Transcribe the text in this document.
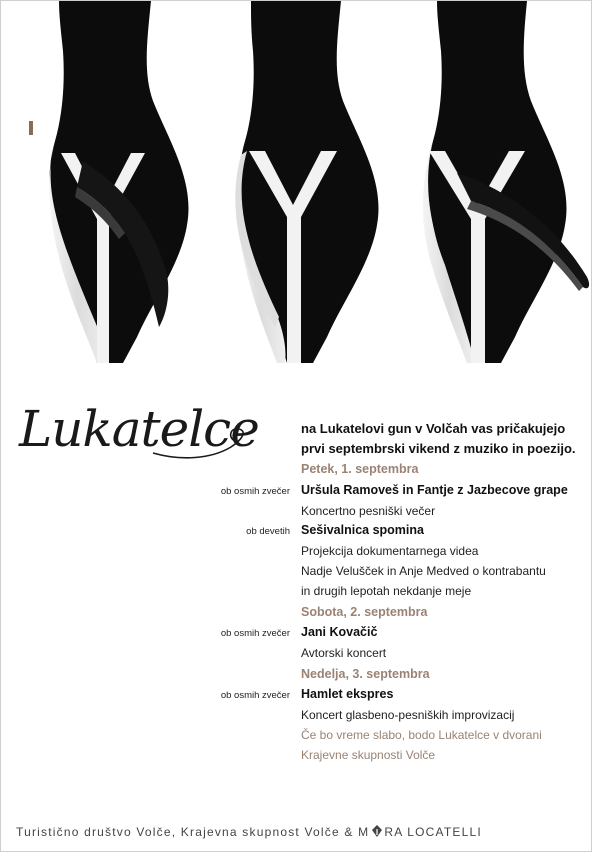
Lukatelce	na Lukatelovi gun v Volčah vas pričakujejo
prvi septembrski vikend z muziko in poezijo.
Petek, 1. septembra
ob osmih zvečer Uršula Ramoveš in Fantje z Jazbecove grape
Koncertno pesniški večer
ob devetih Sešivalnica spomina
Projekcija dokumentarnega videa
Nadje Velušček in Anje Medved o kontrabantu
in drugih lepotah nekdanje meje
Sobota, 2. septembra
ob osmih zvečer Jani Kovačič
Avtorski koncert
Nedelja, 3. septembra
ob osmih zvečer Hamlet ekspres
Koncert glasbeno-pesniških improvizacij
Če bo vreme slabo, bodo Lukatelce v dvorani
Krajevne skupnosti Volče
Turistično društvo Volče, Krajevna skupnost Volče & M RA LOCATELLI
